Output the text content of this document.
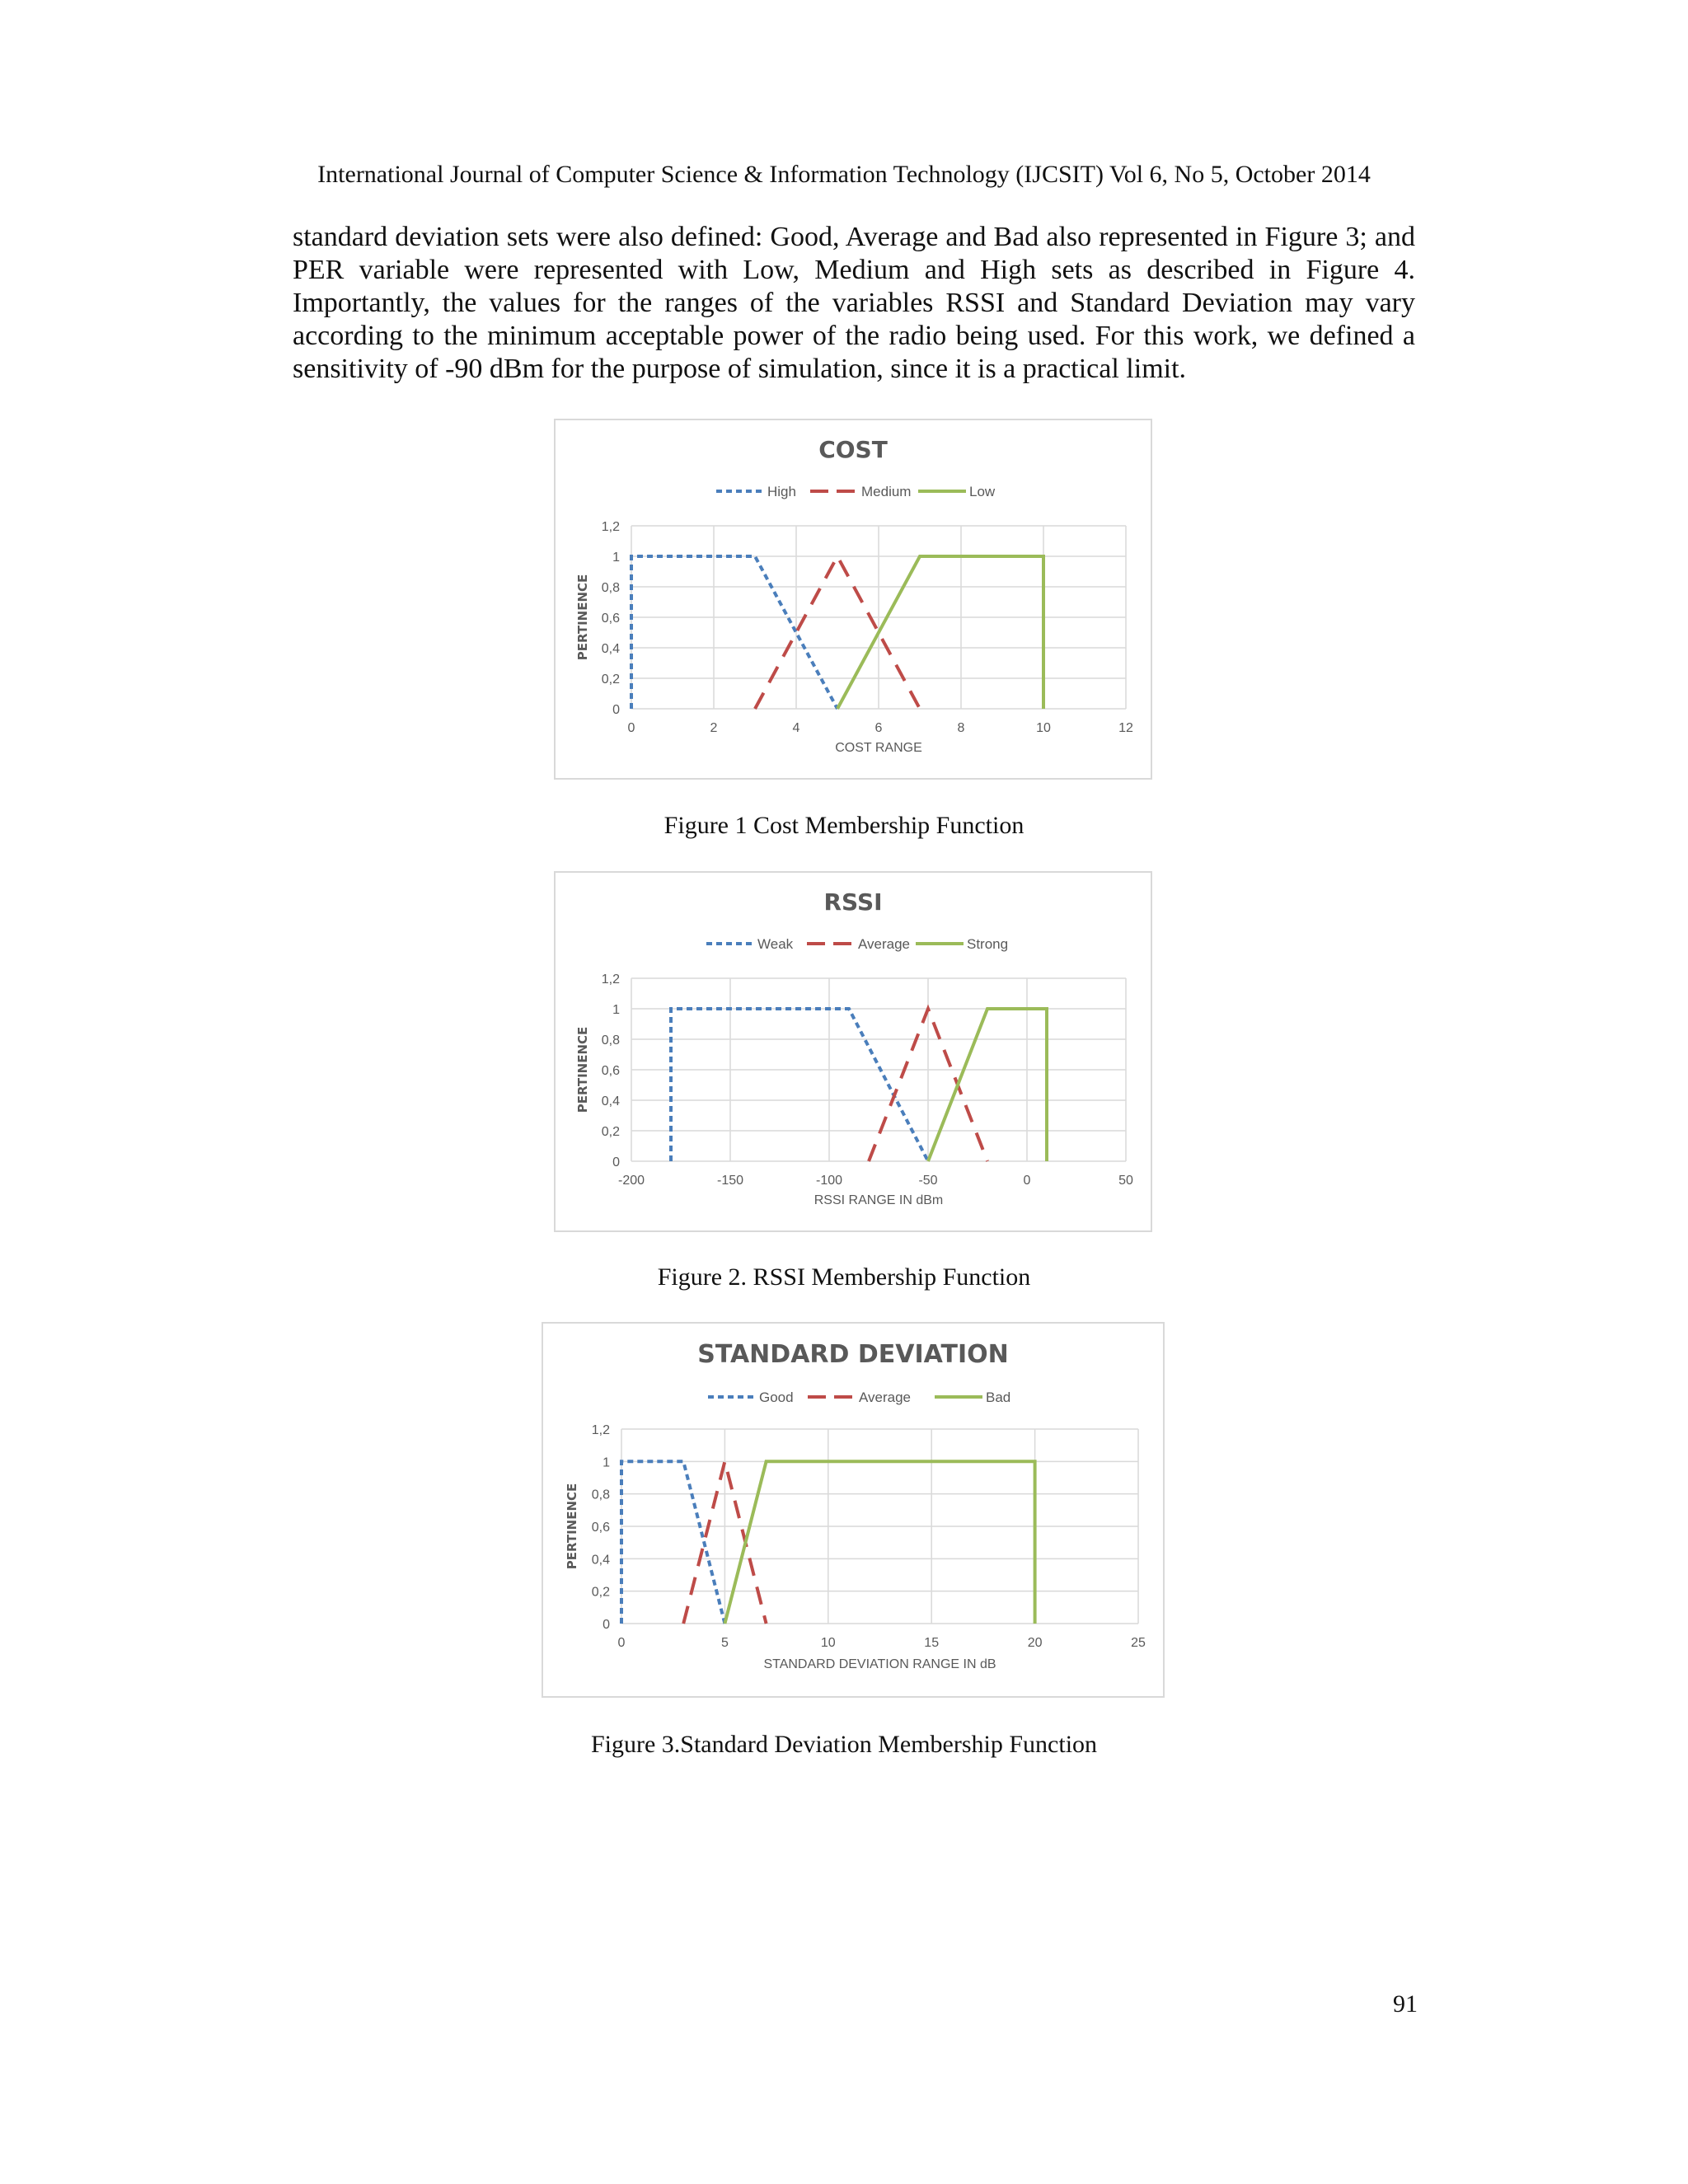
International Journal of Computer Science & Information Technology (IJCSIT) Vol 6, No 5, October 2014
standard deviation sets were also defined: Good, Average and Bad also represented in Figure 3; and PER variable were represented with Low, Medium and High sets as described in Figure 4. Importantly, the values for the ranges of the variables RSSI and Standard Deviation may vary according to the minimum acceptable power of the radio being used. For this work, we defined a sensitivity of -90 dBm for the purpose of simulation, since it is a practical limit.
COST
High	Medium	Low
0
0,2
0,4
0,6
0,8
1
1,2
0	2	4	6	8	10	12
COST RANGE
PERTINENCE
Figure 1 Cost Membership Function
RSSI
Weak	Average	Strong
0
0,2
0,4
0,6
0,8
1
1,2
-200	-150	-100	-50	0	50
RSSI RANGE IN dBm
PERTINENCE
Figure 2. RSSI Membership Function
STANDARD DEVIATION
Good	Average	Bad
0
0,2
0,4
0,6
0,8
1
1,2
0	5	10	15	20	25
STANDARD DEVIATION RANGE IN dB
PERTINENCE
Figure 3.Standard Deviation Membership Function
91
